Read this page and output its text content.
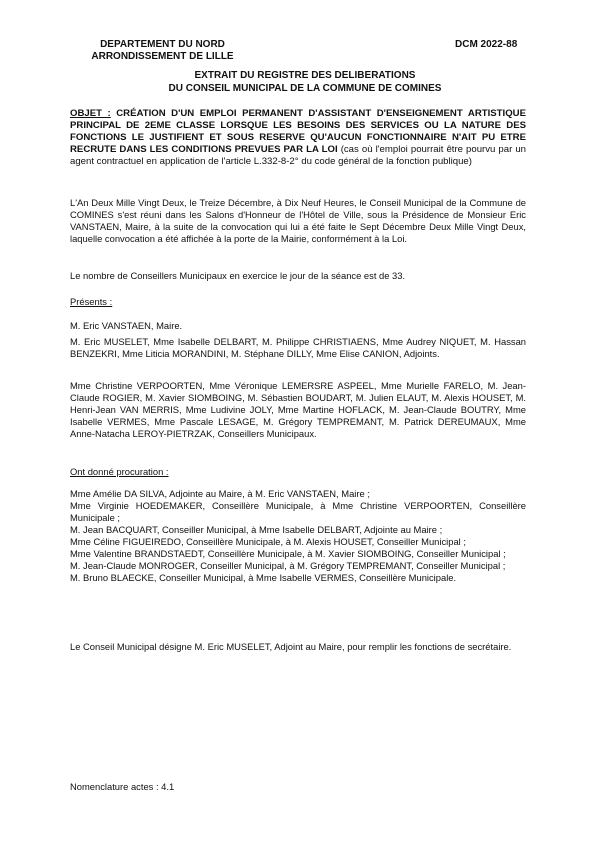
DEPARTEMENT DU NORD
ARRONDISSEMENT DE LILLE
DCM 2022-88
EXTRAIT DU REGISTRE DES DELIBERATIONS
DU CONSEIL MUNICIPAL DE LA COMMUNE DE COMINES
OBJET : CRÉATION D'UN EMPLOI PERMANENT D'ASSISTANT D'ENSEIGNEMENT ARTISTIQUE PRINCIPAL DE 2EME CLASSE LORSQUE LES BESOINS DES SERVICES OU LA NATURE DES FONCTIONS LE JUSTIFIENT ET SOUS RESERVE QU'AUCUN FONCTIONNAIRE N'AIT PU ETRE RECRUTE DANS LES CONDITIONS PREVUES PAR LA LOI (cas où l'emploi pourrait être pourvu par un agent contractuel en application de l'article L.332-8-2° du code général de la fonction publique)
L'An Deux Mille Vingt Deux, le Treize Décembre, à Dix Neuf Heures, le Conseil Municipal de la Commune de COMINES s'est réuni dans les Salons d'Honneur de l'Hôtel de Ville, sous la Présidence de Monsieur Eric VANSTAEN, Maire, à la suite de la convocation qui lui a été faite le Sept Décembre Deux Mille Vingt Deux, laquelle convocation a été affichée à la porte de la Mairie, conformément à la Loi.
Le nombre de Conseillers Municipaux en exercice le jour de la séance est de 33.
Présents :
M. Eric VANSTAEN, Maire.
M. Eric MUSELET, Mme Isabelle DELBART, M. Philippe CHRISTIAENS, Mme Audrey NIQUET, M. Hassan BENZEKRI, Mme Liticia MORANDINI, M. Stéphane DILLY, Mme Elise CANION, Adjoints.
Mme Christine VERPOORTEN, Mme Véronique LEMERSRE ASPEEL, Mme Murielle FARELO, M. Jean-Claude ROGIER, M. Xavier SIOMBOING, M. Sébastien BOUDART, M. Julien ELAUT, M. Alexis HOUSET, M. Henri-Jean VAN MERRIS, Mme Ludivine JOLY, Mme Martine HOFLACK, M. Jean-Claude BOUTRY, Mme Isabelle VERMES, Mme Pascale LESAGE, M. Grégory TEMPREMANT, M. Patrick DEREUMAUX, Mme Anne-Natacha LEROY-PIETRZAK, Conseillers Municipaux.
Ont donné procuration :
Mme Amélie DA SILVA, Adjointe au Maire, à M. Eric VANSTAEN, Maire ;
Mme Virginie HOEDEMAKER, Conseillère Municipale, à Mme Christine VERPOORTEN, Conseillère Municipale ;
M. Jean BACQUART, Conseiller Municipal, à Mme Isabelle DELBART, Adjointe au Maire ;
Mme Céline FIGUEIREDO, Conseillère Municipale, à M. Alexis HOUSET, Conseiller Municipal ;
Mme Valentine BRANDSTAEDT, Conseillère Municipale, à M. Xavier SIOMBOING, Conseiller Municipal ;
M. Jean-Claude MONROGER, Conseiller Municipal, à M. Grégory TEMPREMANT, Conseiller Municipal ;
M. Bruno BLAECKE, Conseiller Municipal, à Mme Isabelle VERMES, Conseillère Municipale.
Le Conseil Municipal désigne M. Eric MUSELET, Adjoint au Maire, pour remplir les fonctions de secrétaire.
Nomenclature actes : 4.1
